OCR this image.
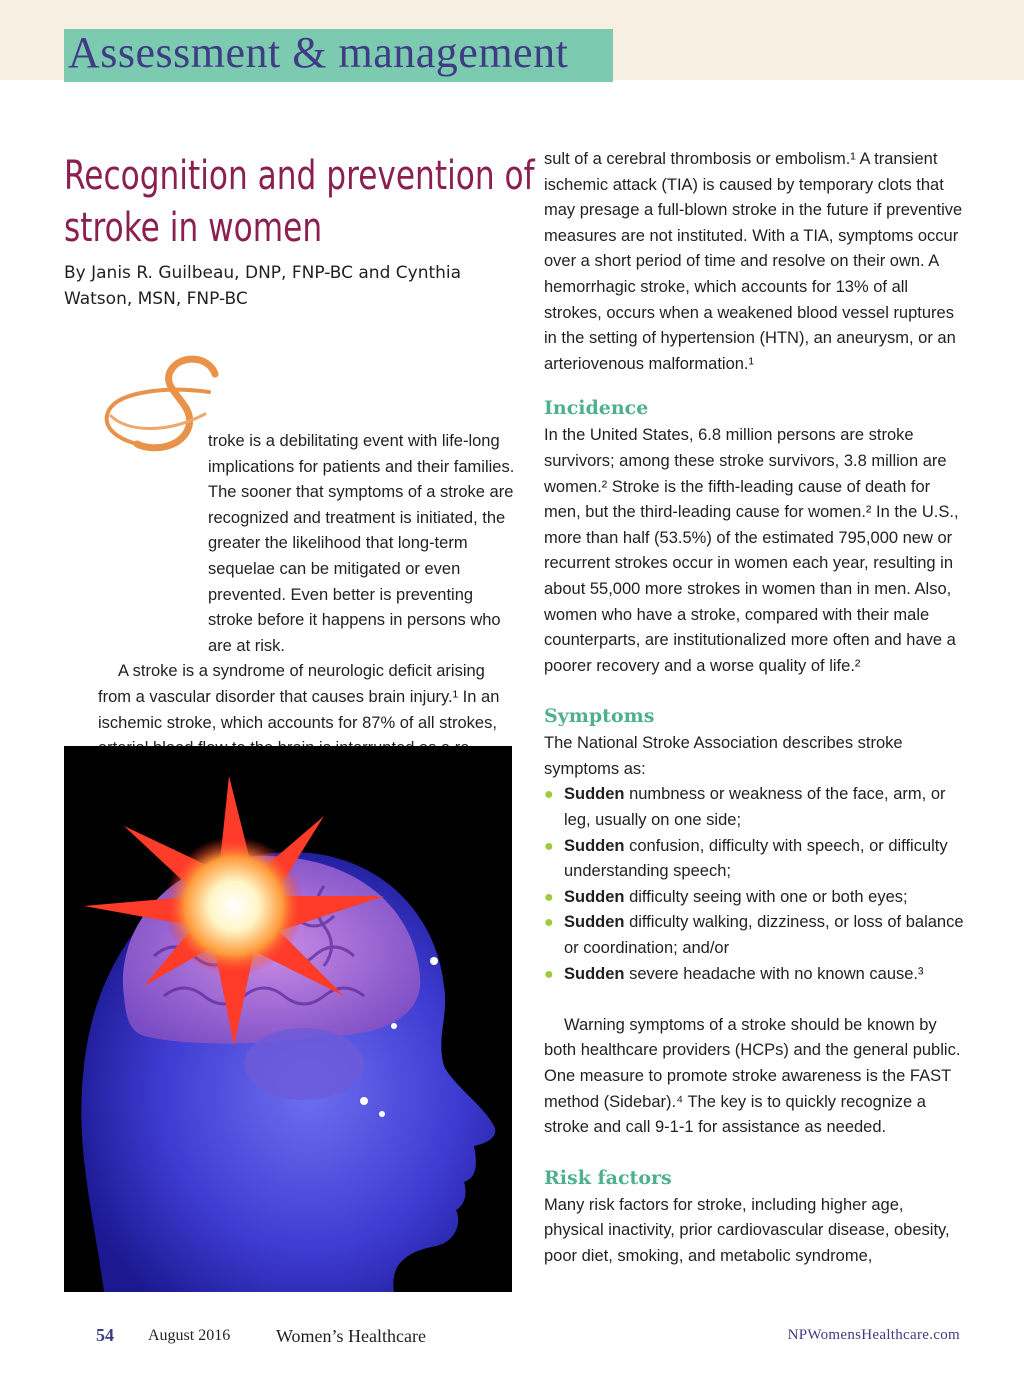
Assessment & management
Recognition and prevention of
stroke in women
By Janis R. Guilbeau, DNP, FNP-BC and Cynthia Watson, MSN, FNP-BC

troke is a debilitating event with life-long implications for patients and their families. The sooner that symptoms of a stroke are recognized and treatment is initiated, the greater the likelihood that long-term sequelae can be mitigated or even prevented. Even better is preventing stroke before it happens in persons who are at risk.

A stroke is a syndrome of neurologic deficit arising from a vascular disorder that causes brain injury.¹ In an ischemic stroke, which accounts for 87% of all strokes,

sult of a cerebral thrombosis or embolism.¹ A transient ischemic attack (TIA) is caused by temporary clots that may presage a full-blown stroke in the future if preventive measures are not instituted. With a TIA, symptoms occur over a short period of time and resolve on their own. A hemorrhagic stroke, which accounts for 13% of all strokes, occurs when a weakened blood vessel ruptures in the setting of hypertension (HTN), an aneurysm, or an arteriovenous malformation.¹

Incidence

In the United States, 6.8 million persons are stroke survivors; among these stroke survivors, 3.8 million are women.² Stroke is the fifth-leading cause of death for men, but the third-leading cause for women.² In the U.S., more than half (53.5%) of the estimated 795,000 new or recurrent strokes occur in women each year, resulting in about 55,000 more strokes in women than in men. Also, women who have a stroke, compared with their male counterparts, are institutionalized more often and have a poorer recovery and a worse quality of life.²

Symptoms

The National Stroke Association describes stroke symptoms as:

● Sudden numbness or weakness of the face, arm, or leg, usually on one side;
● Sudden confusion, difficulty with speech, or difficulty understanding speech;
● Sudden difficulty seeing with one or both eyes;
● Sudden difficulty walking, dizziness, or loss of balance or coordination; and/or
● Sudden severe headache with no known cause.³

Warning symptoms of a stroke should be known by both healthcare providers (HCPs) and the general public. One measure to promote stroke awareness is the FAST method (Sidebar).⁴ The key is to quickly recognize a stroke and call 9-1-1 for assistance as needed.

Risk factors

Many risk factors for stroke, including higher age, physical inactivity, prior cardiovascular disease, obesity, poor diet, smoking, and metabolic syndrome,

54 August 2016	Women’s Healthcare	NPWomensHealthcare.com
